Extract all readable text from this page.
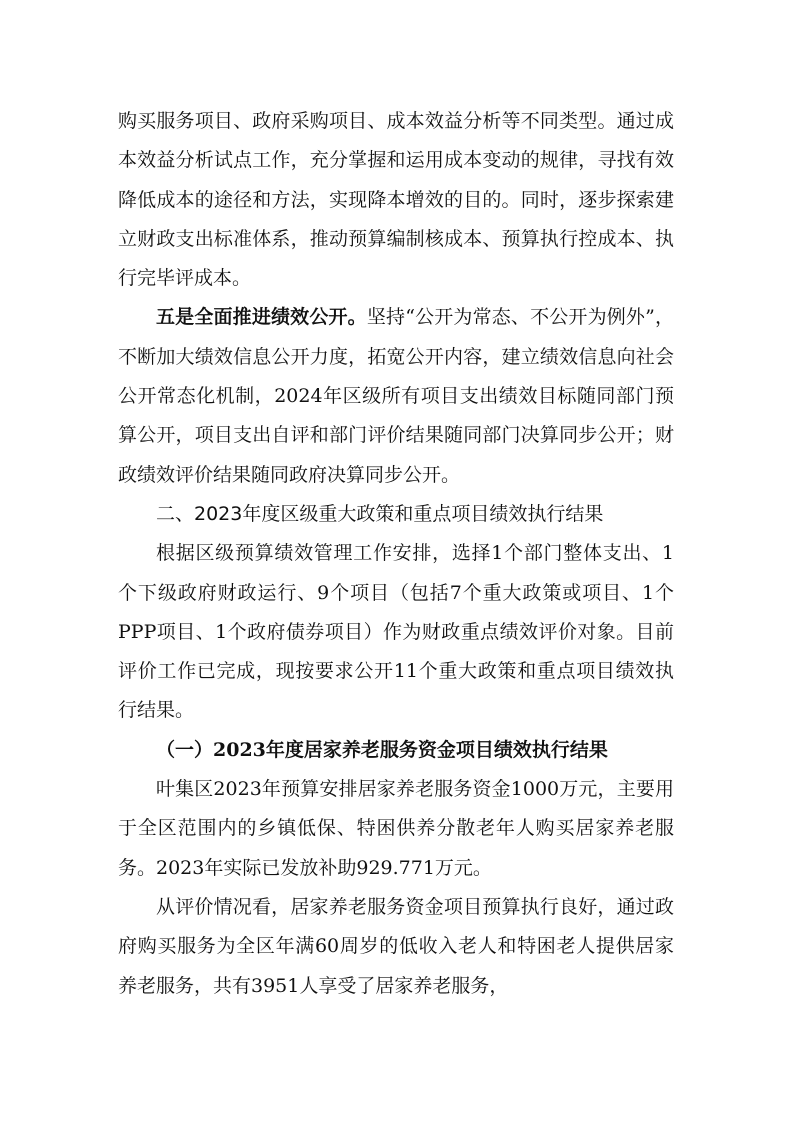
购买服务项目、政府采购项目、成本效益分析等不同类型。通过成本效益分析试点工作，充分掌握和运用成本变动的规律，寻找有效降低成本的途径和方法，实现降本增效的目的。同时，逐步探索建立财政支出标准体系，推动预算编制核成本、预算执行控成本、执行完毕评成本。

五是全面推进绩效公开。坚持“公开为常态、不公开为例外”，不断加大绩效信息公开力度，拓宽公开内容，建立绩效信息向社会公开常态化机制，2024年区级所有项目支出绩效目标随同部门预算公开，项目支出自评和部门评价结果随同部门决算同步公开；财政绩效评价结果随同政府决算同步公开。

二、2023年度区级重大政策和重点项目绩效执行结果

根据区级预算绩效管理工作安排，选择1个部门整体支出、1个下级政府财政运行、9个项目（包括7个重大政策或项目、1个PPP项目、1个政府债券项目）作为财政重点绩效评价对象。目前评价工作已完成，现按要求公开11个重大政策和重点项目绩效执行结果。

（一）2023年度居家养老服务资金项目绩效执行结果

叶集区2023年预算安排居家养老服务资金1000万元，主要用于全区范围内的乡镇低保、特困供养分散老年人购买居家养老服务。2023年实际已发放补助929.771万元。

从评价情况看，居家养老服务资金项目预算执行良好，通过政府购买服务为全区年满60周岁的低收入老人和特困老人提供居家养老服务，共有3951人享受了居家养老服务，
